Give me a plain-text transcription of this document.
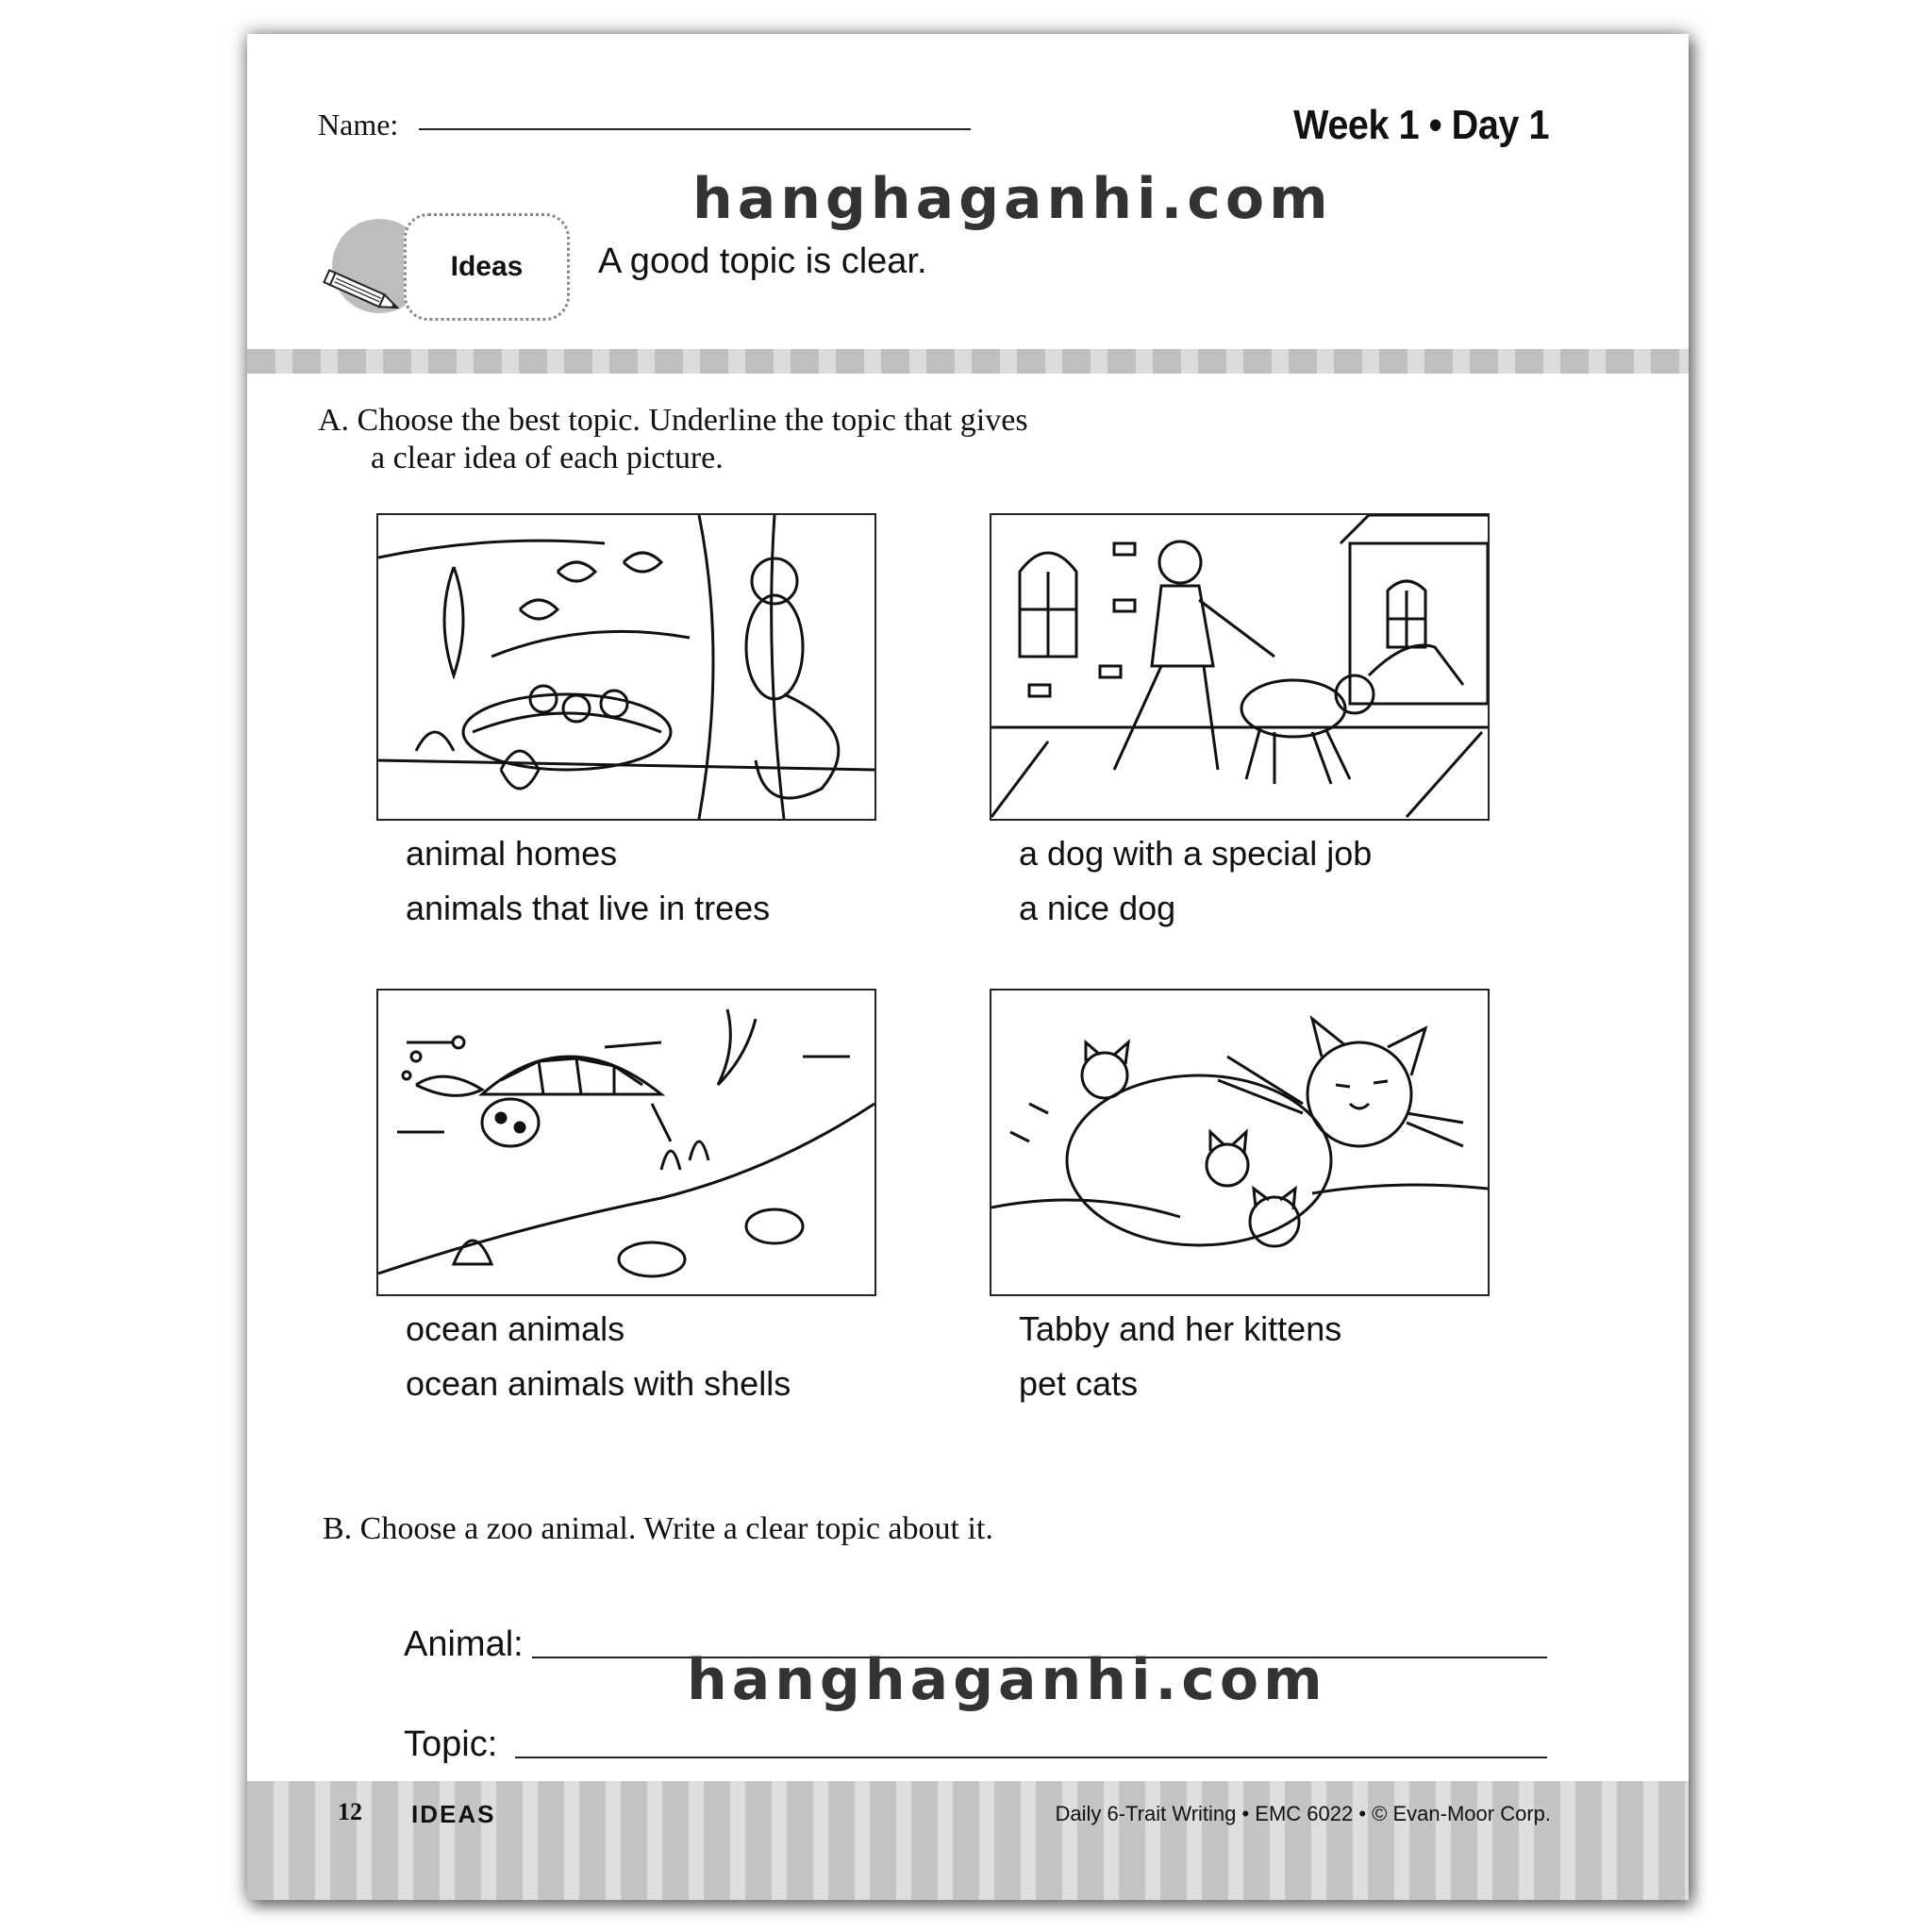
Name:	Week 1 • Day 1
hanghaganhi.com
Ideas A good topic is clear.
A. Choose the best topic. Underline the topic that gives
a clear idea of each picture.
animal homes
animals that live in trees
a dog with a special job
a nice dog
ocean animals
ocean animals with shells
Tabby and her kittens
pet cats
B. Choose a zoo animal. Write a clear topic about it.
Animal:
hanghaganhi.com
Topic:
12 IDEAS	Daily 6-Trait Writing • EMC 6022 • © Evan-Moor Corp.
